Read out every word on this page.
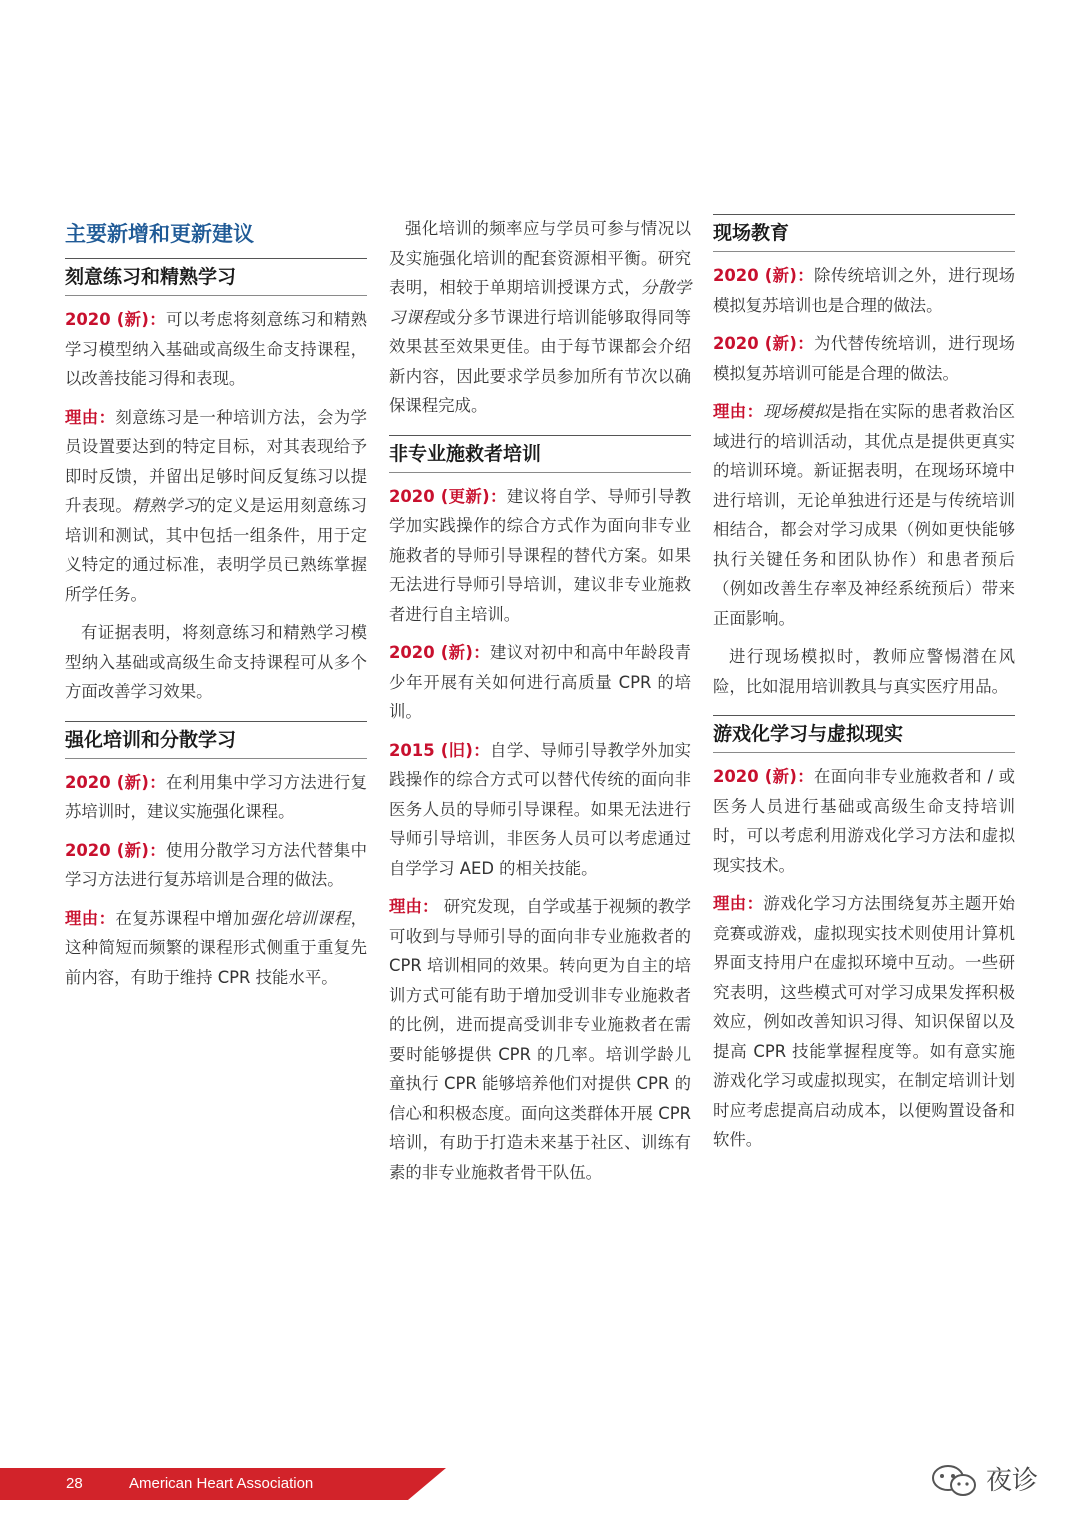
主要新增和更新建议
刻意练习和精熟学习

2020 (新)：可以考虑将刻意练习和精熟学习模型纳入基础或高级生命支持课程，以改善技能习得和表现。

理由：刻意练习是一种培训方法，会为学员设置要达到的特定目标，对其表现给予即时反馈，并留出足够时间反复练习以提升表现。精熟学习的定义是运用刻意练习培训和测试，其中包括一组条件，用于定义特定的通过标准，表明学员已熟练掌握所学任务。

有证据表明，将刻意练习和精熟学习模型纳入基础或高级生命支持课程可从多个方面改善学习效果。

强化培训和分散学习

2020 (新)：在利用集中学习方法进行复苏培训时，建议实施强化课程。

2020 (新)：使用分散学习方法代替集中学习方法进行复苏培训是合理的做法。

理由：在复苏课程中增加强化培训课程，这种简短而频繁的课程形式侧重于重复先前内容，有助于维持 CPR 技能水平。

强化培训的频率应与学员可参与情况以及实施强化培训的配套资源相平衡。研究表明，相较于单期培训授课方式，分散学习课程或分多节课进行培训能够取得同等效果甚至效果更佳。由于每节课都会介绍新内容，因此要求学员参加所有节次以确保课程完成。

非专业施救者培训

2020 (更新)：建议将自学、导师引导教学加实践操作的综合方式作为面向非专业施救者的导师引导课程的替代方案。如果无法进行导师引导培训，建议非专业施救者进行自主培训。

2020 (新)：建议对初中和高中年龄段青少年开展有关如何进行高质量 CPR 的培训。

2015 (旧)：自学、导师引导教学外加实践操作的综合方式可以替代传统的面向非医务人员的导师引导课程。如果无法进行导师引导培训，非医务人员可以考虑通过自学学习 AED 的相关技能。

理由： 研究发现，自学或基于视频的教学可收到与导师引导的面向非专业施救者的 CPR 培训相同的效果。转向更为自主的培训方式可能有助于增加受训非专业施救者的比例，进而提高受训非专业施救者在需要时能够提供 CPR 的几率。培训学龄儿童执行 CPR 能够培养他们对提供 CPR 的信心和积极态度。面向这类群体开展 CPR 培训，有助于打造未来基于社区、训练有素的非专业施救者骨干队伍。

现场教育

2020 (新)：除传统培训之外，进行现场模拟复苏培训也是合理的做法。

2020 (新)：为代替传统培训，进行现场模拟复苏培训可能是合理的做法。

理由：现场模拟是指在实际的患者救治区域进行的培训活动，其优点是提供更真实的培训环境。新证据表明，在现场环境中进行培训，无论单独进行还是与传统培训相结合，都会对学习成果（例如更快能够执行关键任务和团队协作）和患者预后（例如改善生存率及神经系统预后）带来正面影响。

进行现场模拟时，教师应警惕潜在风险，比如混用培训教具与真实医疗用品。

游戏化学习与虚拟现实

2020 (新)：在面向非专业施救者和 / 或医务人员进行基础或高级生命支持培训时，可以考虑利用游戏化学习方法和虚拟现实技术。

理由：游戏化学习方法围绕复苏主题开始竞赛或游戏，虚拟现实技术则使用计算机界面支持用户在虚拟环境中互动。一些研究表明，这些模式可对学习成果发挥积极效应，例如改善知识习得、知识保留以及提高 CPR 技能掌握程度等。如有意实施游戏化学习或虚拟现实，在制定培训计划时应考虑提高启动成本，以便购置设备和软件。

28	American Heart Association	夜诊
